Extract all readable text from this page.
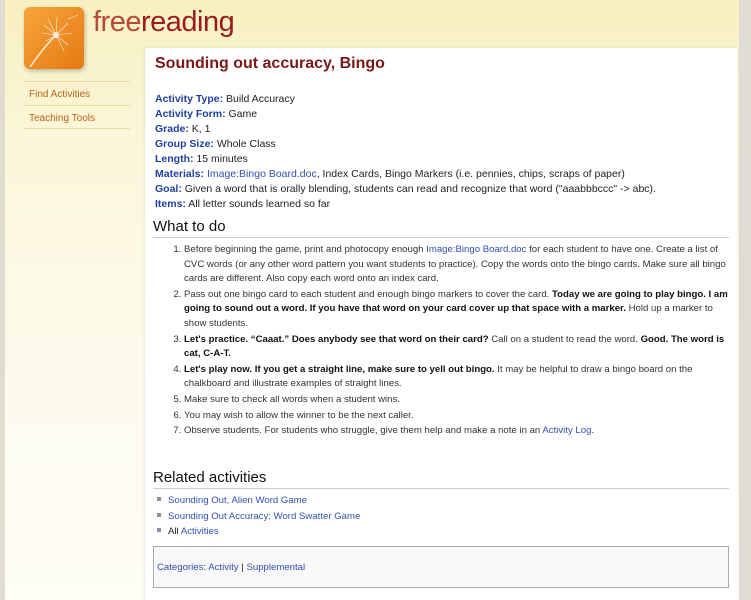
freereading
Find Activities
Teaching Tools
Sounding out accuracy, Bingo
Activity Type: Build Accuracy
Activity Form: Game
Grade: K, 1
Group Size: Whole Class
Length: 15 minutes
Materials: Image:Bingo Board.doc, Index Cards, Bingo Markers (i.e. pennies, chips, scraps of paper)
Goal: Given a word that is orally blending, students can read and recognize that word ("aaabbbccc" -> abc).
Items: All letter sounds learned so far
What to do
1. Before beginning the game, print and photocopy enough Image:Bingo Board.doc for each student to have one. Create a list of CVC words (or any other word pattern you want students to practice). Copy the words onto the bingo cards. Make sure all bingo cards are different. Also copy each word onto an index card.
2. Pass out one bingo card to each student and enough bingo markers to cover the card. Today we are going to play bingo. I am going to sound out a word. If you have that word on your card cover up that space with a marker. Hold up a marker to show students.
3. Let's practice. “Caaat.” Does anybody see that word on their card? Call on a student to read the word. Good. The word is cat, C-A-T.
4. Let's play now. If you get a straight line, make sure to yell out bingo. It may be helpful to draw a bingo board on the chalkboard and illustrate examples of straight lines.
5. Make sure to check all words when a student wins.
6. You may wish to allow the winner to be the next caller.
7. Observe students. For students who struggle, give them help and make a note in an Activity Log.
Related activities
Sounding Out, Alien Word Game
Sounding Out Accuracy: Word Swatter Game
All Activities
Categories: Activity | Supplemental
